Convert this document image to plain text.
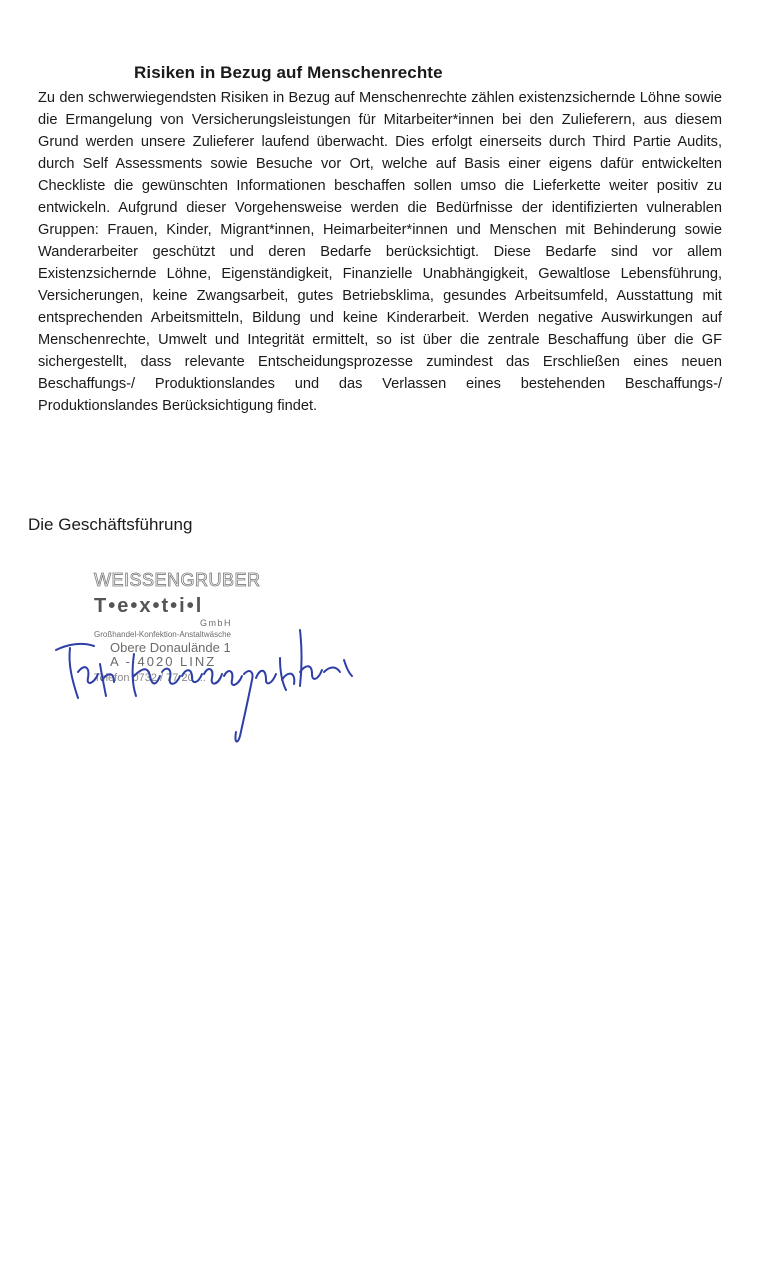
Risiken in Bezug auf Menschenrechte

Zu den schwerwiegendsten Risiken in Bezug auf Menschenrechte zählen existenzsichernde Löhne sowie die Ermangelung von Versicherungsleistungen für Mitarbeiter*innen bei den Zulieferern, aus diesem Grund werden unsere Zulieferer laufend überwacht. Dies erfolgt einerseits durch Third Partie Audits, durch Self Assessments sowie Besuche vor Ort, welche auf Basis einer eigens dafür entwickelten Checkliste die gewünschten Informationen beschaffen sollen umso die Lieferkette weiter positiv zu entwickeln. Aufgrund dieser Vorgehensweise werden die Bedürfnisse der identifizierten vulnerablen Gruppen: Frauen, Kinder, Migrant*innen, Heimarbeiter*innen und Menschen mit Behinderung sowie Wanderarbeiter geschützt und deren Bedarfe berücksichtigt. Diese Bedarfe sind vor allem Existenzsichernde Löhne, Eigenständigkeit, Finanzielle Unabhängigkeit, Gewaltlose Lebensführung, Versicherungen, keine Zwangsarbeit, gutes Betriebsklima, gesundes Arbeitsumfeld, Ausstattung mit entsprechenden Arbeitsmitteln, Bildung und keine Kinderarbeit. Werden negative Auswirkungen auf Menschenrechte, Umwelt und Integrität ermittelt, so ist über die zentrale Beschaffung über die GF sichergestellt, dass relevante Entscheidungsprozesse zumindest das Erschließen eines neuen Beschaffungs-/ Produktionslandes und das Verlassen eines bestehenden Beschaffungs-/ Produktionslandes Berücksichtigung findet.

Die Geschäftsführung

WEISSENGRUBER
T•e•x•t•i•l
GmbH
Großhandel-Konfektion-Anstaltwäsche
Obere Donaulände 1
A - 4020 LINZ
Telefon 0732 / 77 20 ...
